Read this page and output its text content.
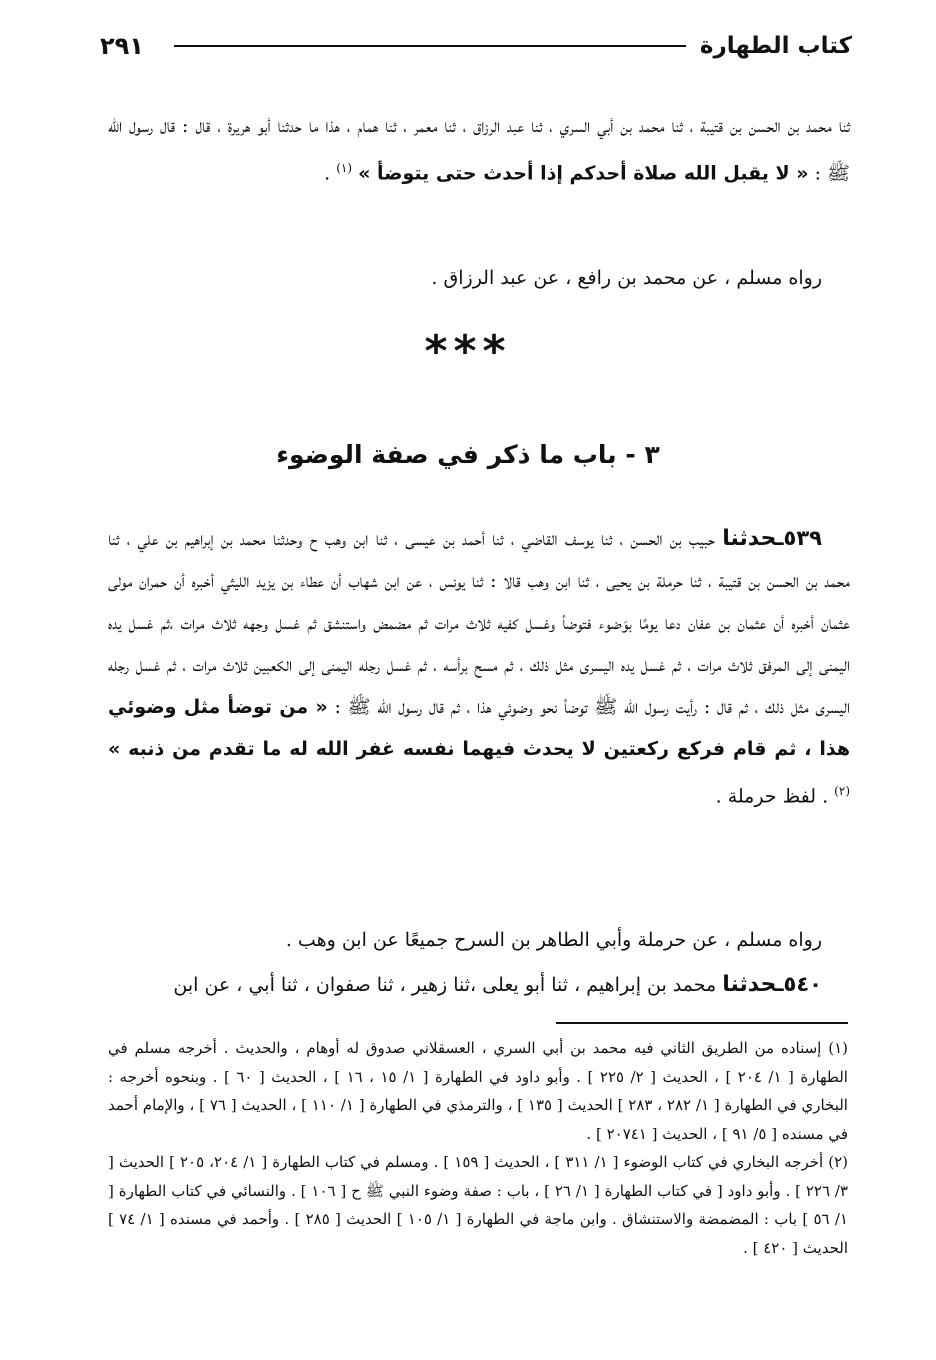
٢٩١	كتاب الطهارة

ثنا محمد بن الحسن بن قتيبة ، ثنا محمد بن أبي السري ، ثنا عبد الرزاق ، ثنا معمر ، ثنا همام ، هذا ما حدثنا أبو هريرة ، قال : قال رسول الله ﷺ : « لا يقبل الله صلاة أحدكم إذا أحدث حتى يتوضأ » $^{(١)}$ .

رواه مسلم ، عن محمد بن رافع ، عن عبد الرزاق .

***
٣ - باب ما ذكر في صفة الوضوء

٥٣٩ـحدثنا حبيب بن الحسن ، ثنا يوسف القاضي ، ثنا أحمد بن عيسى ، ثنا ابن وهب ح وحدثنا محمد بن إبراهيم بن علي ، ثنا محمد بن الحسن بن قتيبة ، ثنا حرملة بن يحيى ، ثنا ابن وهب قالا : ثنا يونس ، عن ابن شهاب أن عطاء بن يزيد الليثي أخبره أن حمران مولى عثمان أخبره أن عثمان بن عفان دعا يومًا بوَضوء فتوضأ وغسل كفيه ثلاث مرات ثم مضمض واستنشق ثم غسل وجهه ثلاث مرات ،ثم غسل يده اليمنى إلى المرفق ثلاث مرات ، ثم غسل يده اليسرى مثل ذلك ، ثم مسح برأسه ، ثم غسل رجله اليمنى إلى الكعبين ثلاث مرات ، ثم غسل رجله اليسرى مثل ذلك ، ثم قال : رأيت رسول الله ﷺ توضأ نحو وضوئي هذا ، ثم قال رسول الله ﷺ : « من توضأ مثل وضوئي هذا ، ثم قام فركع ركعتين لا يحدث فيهما نفسه غفر الله له ما تقدم من ذنبه » $^{(٢)}$ . لفظ حرملة .

رواه مسلم ، عن حرملة وأبي الطاهر بن السرح جميعًا عن ابن وهب .

٥٤٠ـحدثنا محمد بن إبراهيم ، ثنا أبو يعلى ،ثنا زهير ، ثنا صفوان ، ثنا أبي ، عن ابن

(١) إسناده من الطريق الثاني فيه محمد بن أبي السري ، العسقلاني صدوق له أوهام ، والحديث . أخرجه مسلم في الطهارة [ ١/ ٢٠٤ ] ، الحديث [ ٢/ ٢٢٥ ] . وأبو داود في الطهارة [ ١/ ١٥ ، ١٦ ] ، الحديث [ ٦٠ ] . وبنحوه أخرجه : البخاري في الطهارة [ ١/ ٢٨٢ ، ٢٨٣ ] الحديث [ ١٣٥ ] ، والترمذي في الطهارة [ ١/ ١١٠ ] ، الحديث [ ٧٦ ] ، والإمام أحمد في مسنده [ ٥/ ٩١ ] ، الحديث [ ٢٠٧٤١ ] .

(٢) أخرجه البخاري في كتاب الوضوء [ ١/ ٣١١ ] ، الحديث [ ١٥٩ ] . ومسلم في كتاب الطهارة [ ١/ ٢٠٤، ٢٠٥ ] الحديث [ ٣/ ٢٢٦ ] . وأبو داود [ في كتاب الطهارة [ ١/ ٢٦ ] ، باب : صفة وضوء النبي ﷺ ح [ ١٠٦ ] . والنسائي في كتاب الطهارة [ ١/ ٥٦ ] باب : المضمضة والاستنشاق . وابن ماجة في الطهارة [ ١/ ١٠٥ ] الحديث [ ٢٨٥ ] . وأحمد في مسنده [ ١/ ٧٤ ] الحديث [ ٤٢٠ ] .
